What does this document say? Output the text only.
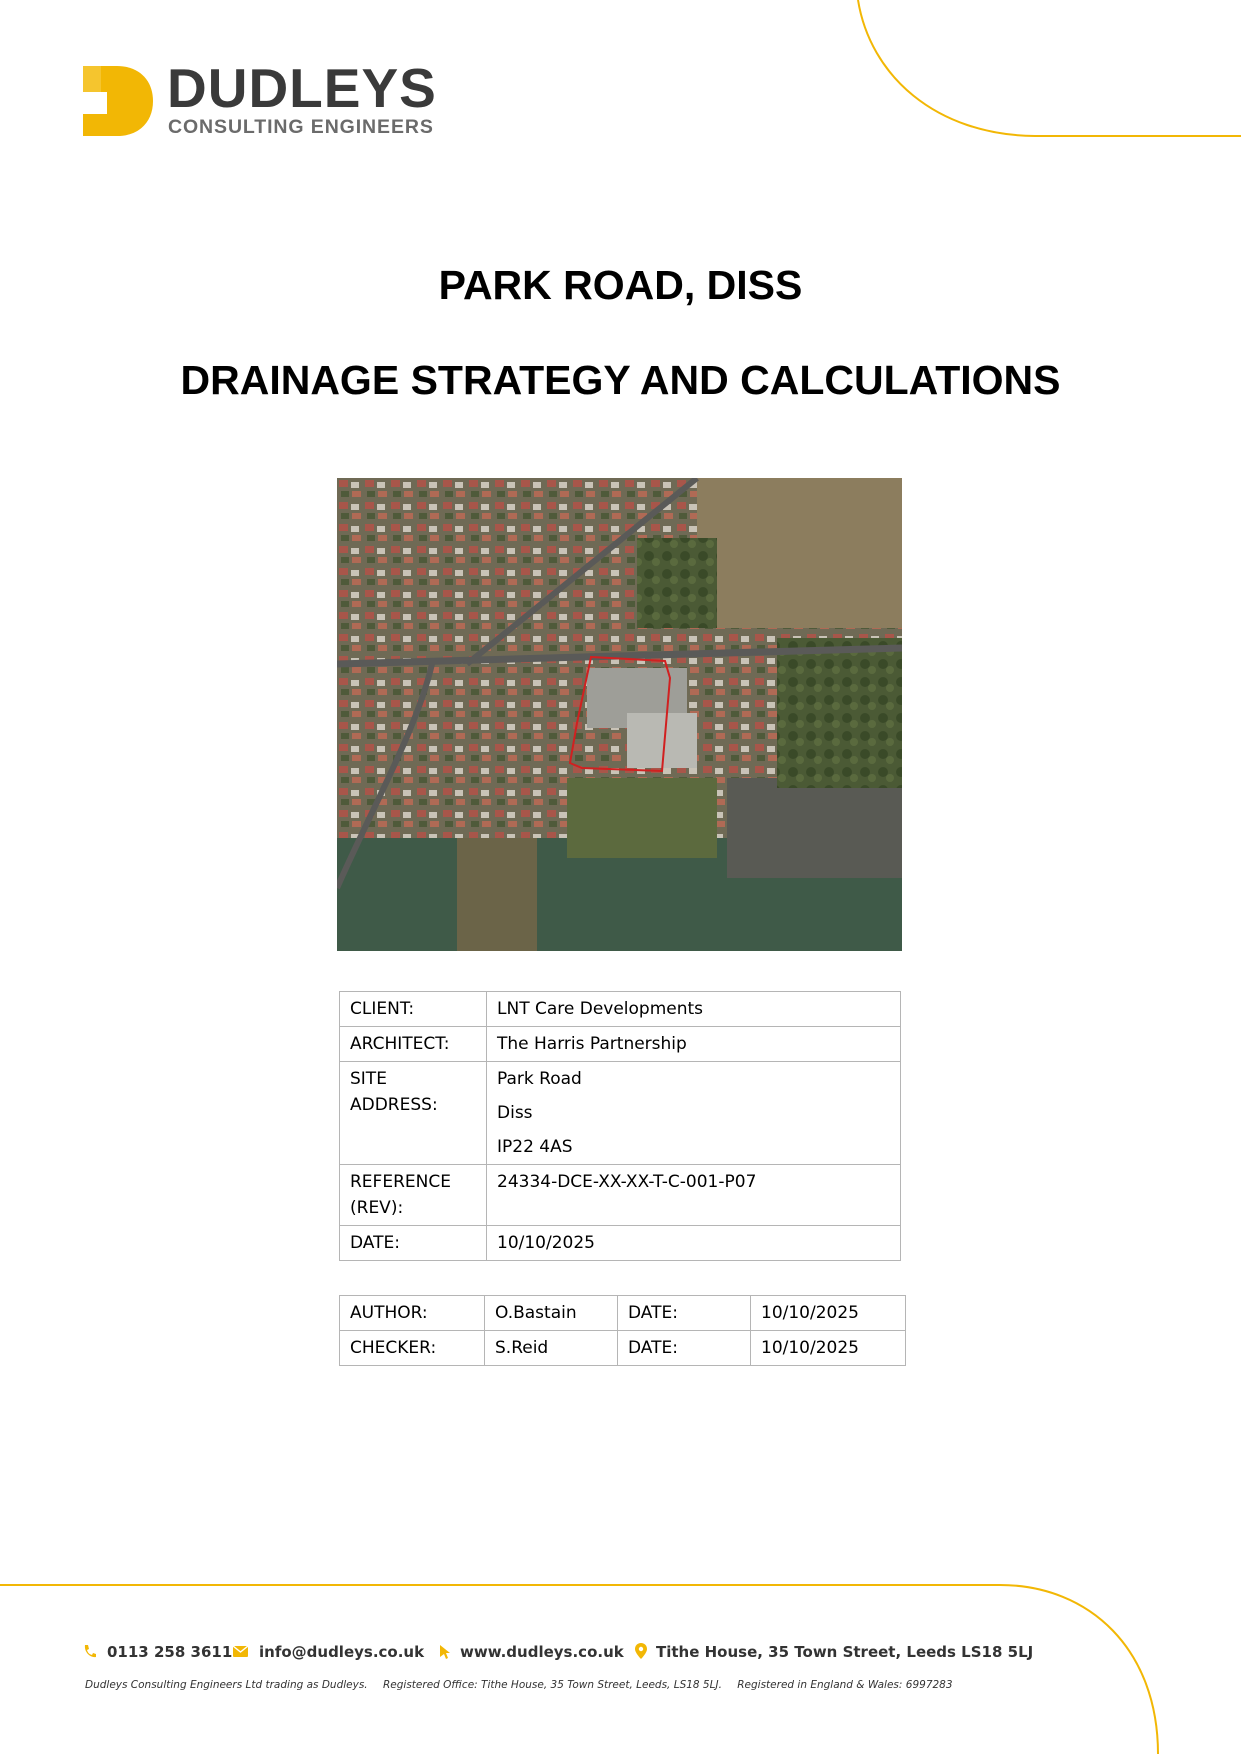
DUDLEYS
CONSULTING ENGINEERS
PARK ROAD, DISS
DRAINAGE STRATEGY AND CALCULATIONS
CLIENT:	LNT Care Developments
ARCHITECT:	The Harris Partnership
SITE ADDRESS:	Park Road
Diss
IP22 4AS

REFERENCE (REV):	24334-DCE-XX-XX-T-C-001-P07
DATE:	10/10/2025
AUTHOR:	O.Bastain	DATE:	10/10/2025
CHECKER:	S.Reid	DATE:	10/10/2025
0113 258 3611	info@dudleys.co.uk	www.dudleys.co.uk	Tithe House, 35 Town Street, Leeds LS18 5LJ
Dudleys Consulting Engineers Ltd trading as Dudleys. Registered Office: Tithe House, 35 Town Street, Leeds, LS18 5LJ. Registered in England & Wales: 6997283
